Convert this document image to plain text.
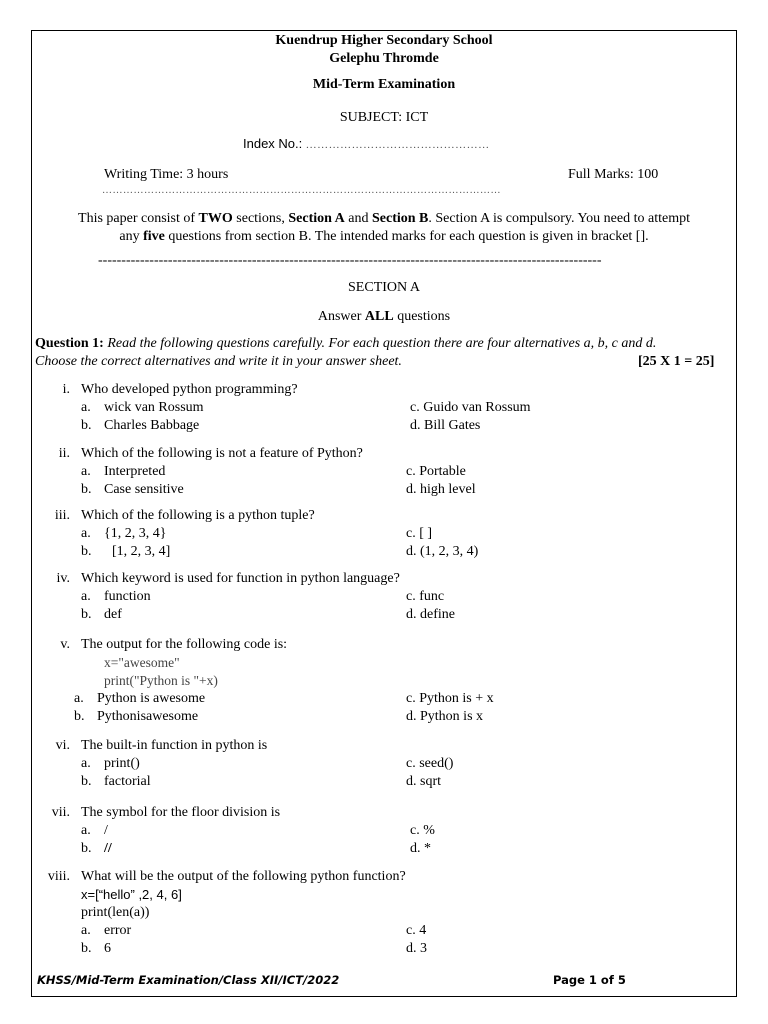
Kuendrup Higher Secondary School
Gelephu Thromde
Mid-Term Examination
SUBJECT: ICT
Index No.: …………………………………………
Writing Time: 3 hours	Full Marks: 100
……………………………………………………………………………………………………
This paper consist of TWO sections, Section A and Section B. Section A is compulsory. You need to attempt
any five questions from section B. The intended marks for each question is given in bracket [].
------------------------------------------------------------------------------------------------------------
SECTION A
Answer ALL questions
Question 1: Read the following questions carefully. For each question there are four alternatives a, b, c and d.
Choose the correct alternatives and write it in your answer sheet.	[25 X 1 = 25]
i. Who developed python programming?
a. wick van Rossum
b. Charles Babbage
c. Guido van Rossum
d. Bill Gates
ii. Which of the following is not a feature of Python?
a. Interpreted
b. Case sensitive
c. Portable
d. high level
iii. Which of the following is a python tuple?
a. {1, 2, 3, 4}
b. [1, 2, 3, 4]
c. [ ]
d. (1, 2, 3, 4)
iv. Which keyword is used for function in python language?
a. function
b. def
c. func
d. define
v. The output for the following code is:
x="awesome"
print("Python is "+x)
a. Python is awesome
b. Pythonisawesome
c. Python is + x
d. Python is x
vi. The built-in function in python is
a. print()
b. factorial
c. seed()
d. sqrt
vii. The symbol for the floor division is
a. /
b. //
c. %
d. *
viii. What will be the output of the following python function?
x=[“hello” ,2, 4, 6]
print(len(a))
a. error
b. 6
c. 4
d. 3
KHSS/Mid-Term Examination/Class XII/ICT/2022	Page 1 of 5
